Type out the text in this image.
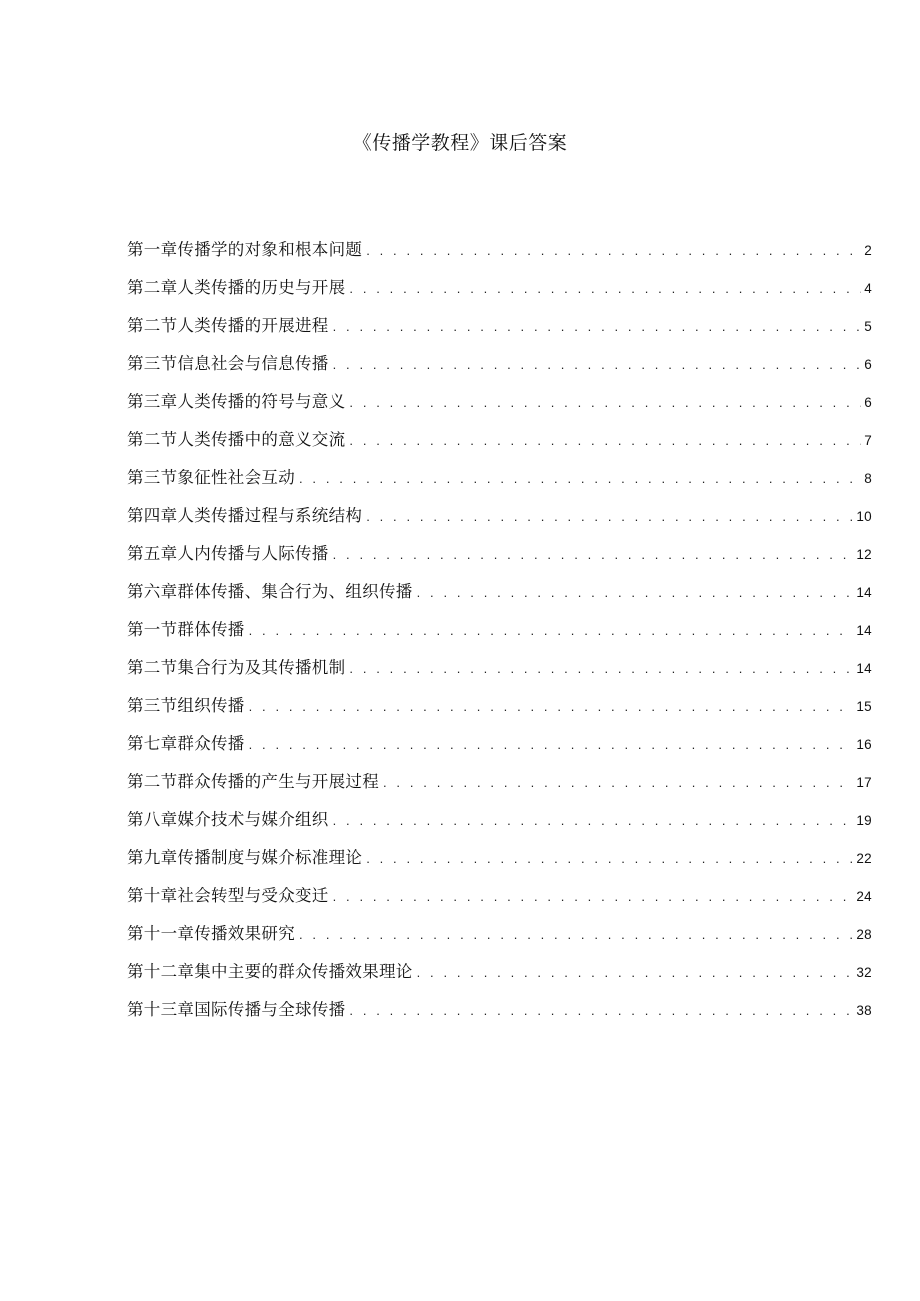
《传播学教程》课后答案
第一章传播学的对象和根本问题 . . .	2
第二章人类传播的历史与开展 . . .	4
第二节人类传播的开展进程 . . .	5
第三节信息社会与信息传播 . . .	6
第三章人类传播的符号与意义 . . .	6
第二节人类传播中的意义交流 . . .	7
第三节象征性社会互动 . . .	8
第四章人类传播过程与系统结构 . . .	10
第五章人内传播与人际传播 . . .	12
第六章群体传播、集合行为、组织传播 . . .	14
第一节群体传播 . . .	14
第二节集合行为及其传播机制 . . .	14
第三节组织传播 . . .	15
第七章群众传播 . . .	16
第二节群众传播的产生与开展过程 . . .	17
第八章媒介技术与媒介组织 . . .	19
第九章传播制度与媒介标准理论 . . .	22
第十章社会转型与受众变迁 . . .	24
第十一章传播效果研究 . . .	28
第十二章集中主要的群众传播效果理论 . . .	32
第十三章国际传播与全球传播 . . .	38
